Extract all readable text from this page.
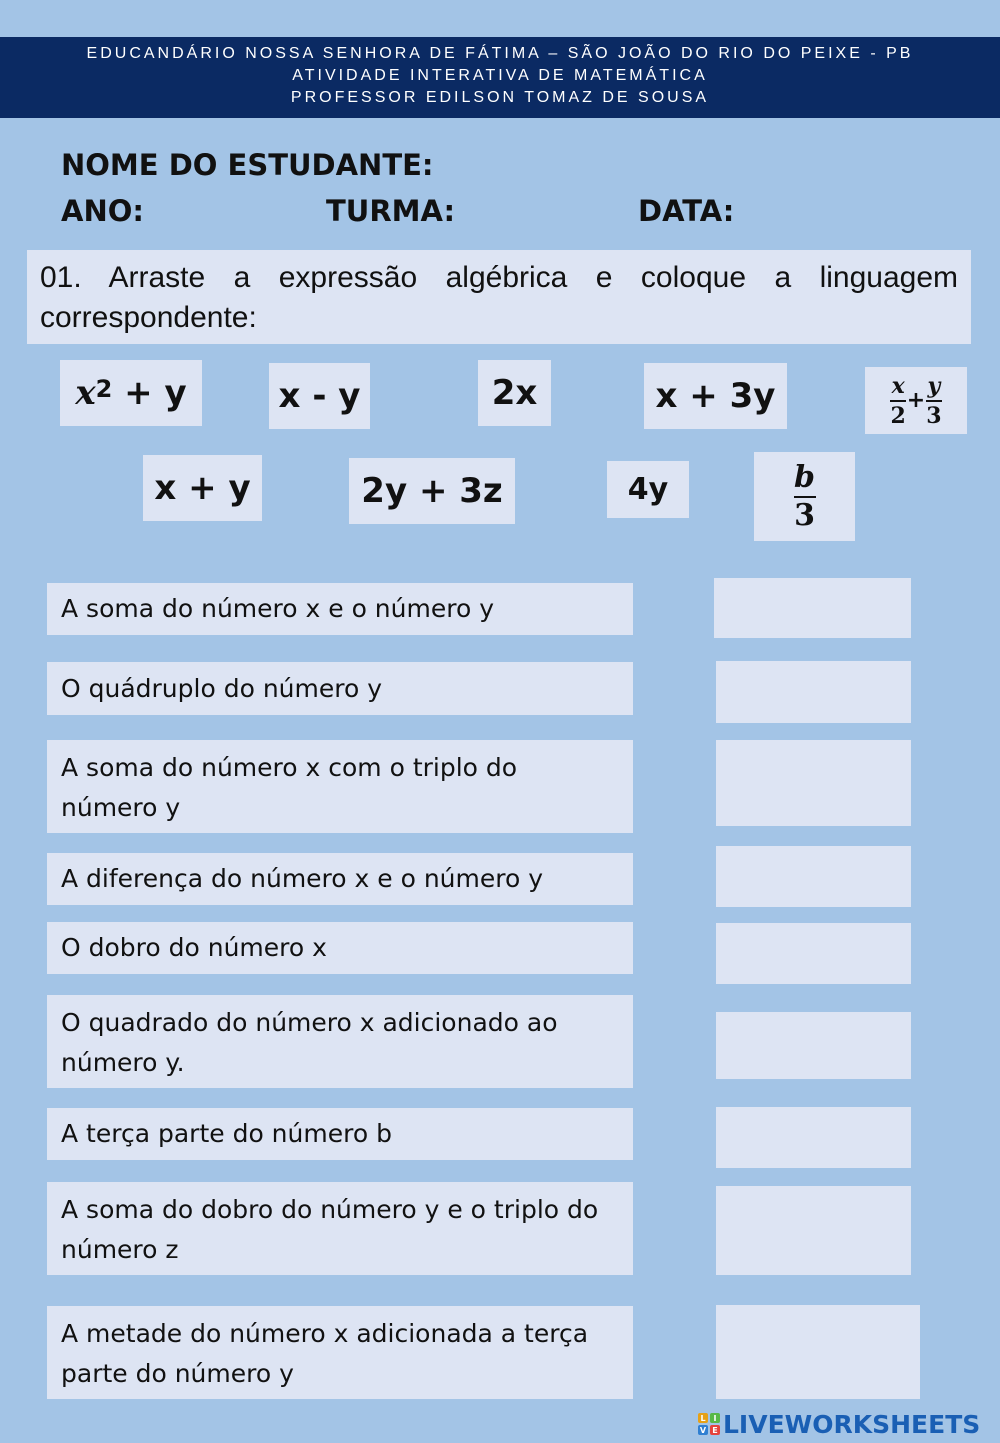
EDUCANDÁRIO NOSSA SENHORA DE FÁTIMA – SÃO JOÃO DO RIO DO PEIXE - PB
ATIVIDADE INTERATIVA DE MATEMÁTICA
PROFESSOR EDILSON TOMAZ DE SOUSA
NOME DO ESTUDANTE:
ANO:	TURMA:	DATA:
01. Arraste a expressão algébrica e coloque a linguagem correspondente:
$x^2$
+ y	x - y	2x	x + 3y	$\frac{x}{2} + \frac{y}{3}$
x + y	2y + 3z	4y	$\frac{b}{3}$
A soma do número x e o número y
O quádruplo do número y
A soma do número x com o triplo do número y
A diferença do número x e o número y
O dobro do número x
O quadrado do número x adicionado ao número y.
A terça parte do número b
A soma do dobro do número y e o triplo do número z
A metade do número x adicionada a terça parte do número y
L I
V E LIVEWORKSHEETS
